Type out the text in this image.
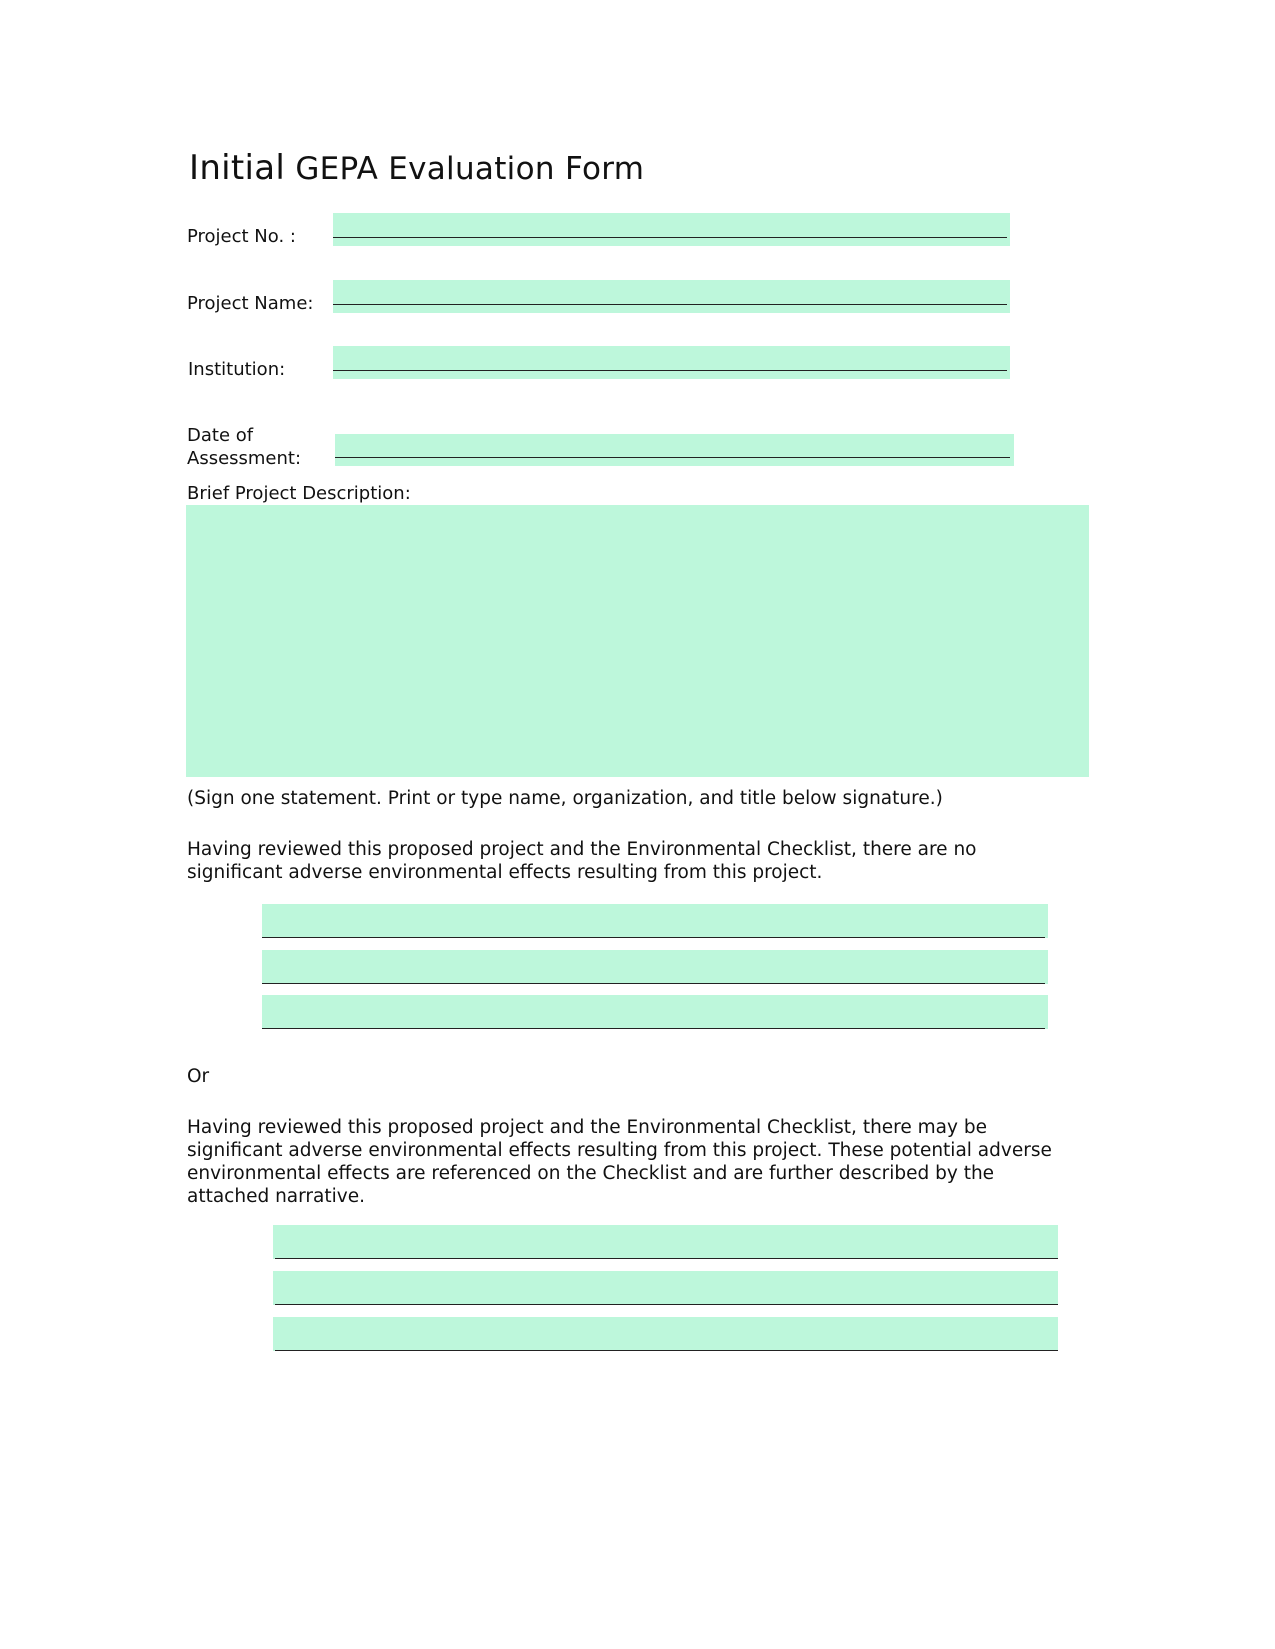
Initial GEPA Evaluation Form
Project No. :
Project Name:
Institution:
Date of
Assessment:
Brief Project Description:
(Sign one statement. Print or type name, organization, and title below signature.)
Having reviewed this proposed project and the Environmental Checklist, there are no
significant adverse environmental effects resulting from this project.
Or
Having reviewed this proposed project and the Environmental Checklist, there may be
significant adverse environmental effects resulting from this project. These potential adverse
environmental effects are referenced on the Checklist and are further described by the
attached narrative.
